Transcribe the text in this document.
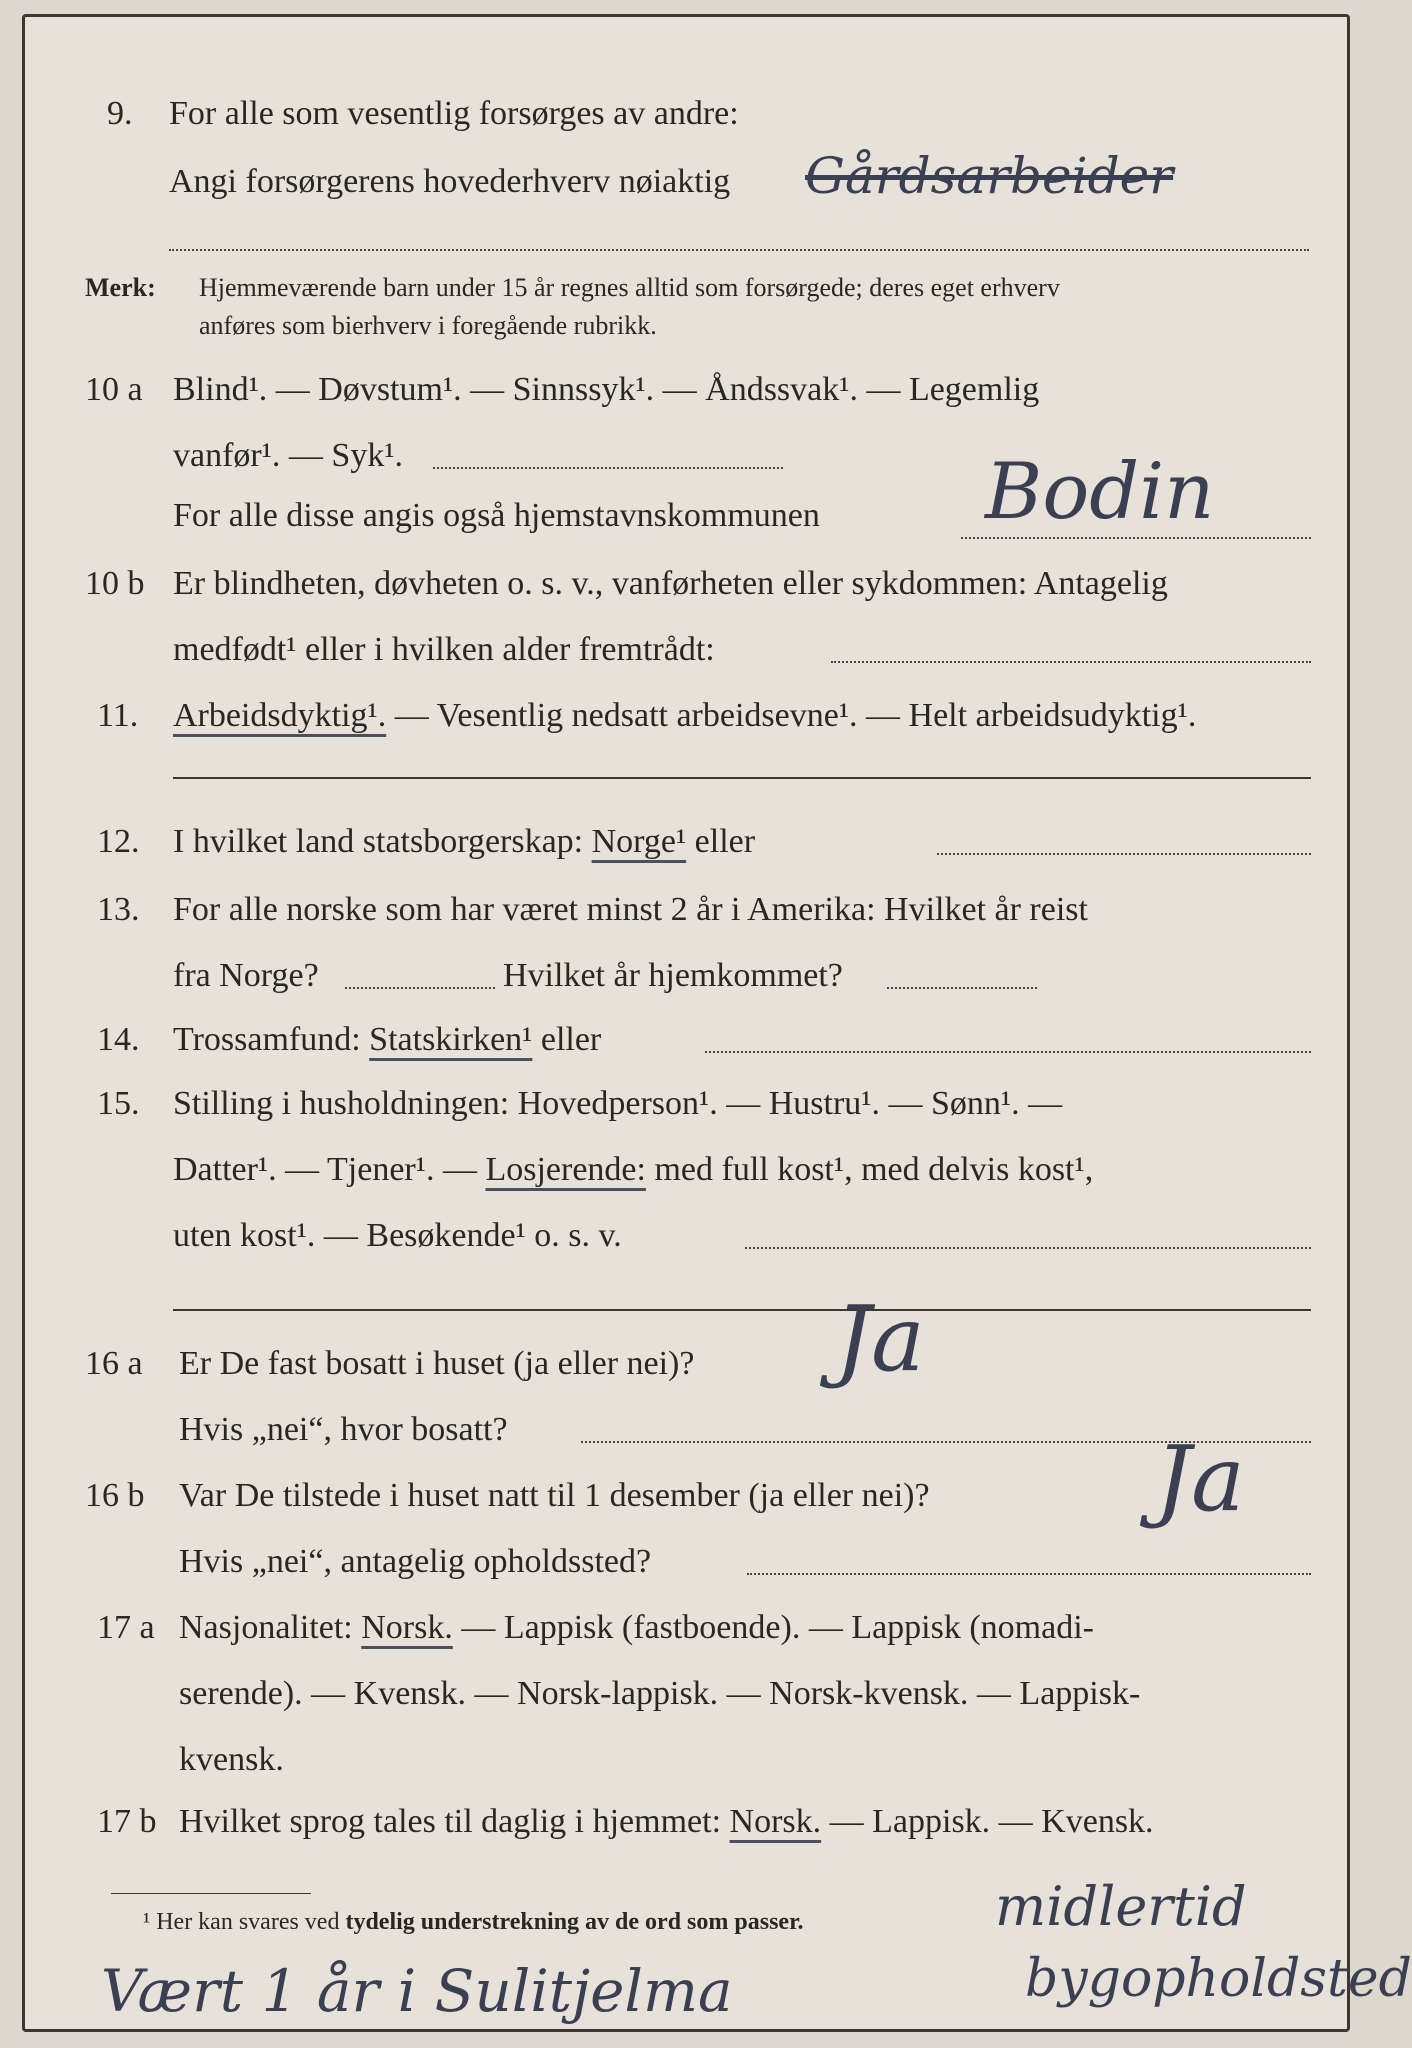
9. For alle som vesentlig forsørges av andre:
Angi forsørgerens hovederhverv nøiaktig Gårdsarbeider
Merk: Hjemmeværende barn under 15 år regnes alltid som forsørgede; deres eget erhverv
anføres som bierhverv i foregående rubrikk.
10 a Blind¹. — Døvstum¹. — Sinnssyk¹. — Åndssvak¹. — Legemlig
vanfør¹. — Syk¹.
For alle disse angis også hjemstavnskommunen Bodin
10 b Er blindheten, døvheten o. s. v., vanførheten eller sykdommen: Antagelig
medfødt¹ eller i hvilken alder fremtrådt:
11. Arbeidsdyktig¹. — Vesentlig nedsatt arbeidsevne¹. — Helt arbeidsudyktig¹.
12. I hvilket land statsborgerskap: Norge¹ eller
13. For alle norske som har været minst 2 år i Amerika: Hvilket år reist
fra Norge?	Hvilket år hjemkommet?
14. Trossamfund: Statskirken¹ eller
15. Stilling i husholdningen: Hovedperson¹. — Hustru¹. — Sønn¹. —
Datter¹. — Tjener¹. — Losjerende: med full kost¹, med delvis kost¹,
uten kost¹. — Besøkende¹ o. s. v.
16 a Er De fast bosatt i huset (ja eller nei)? Ja
Hvis „nei“, hvor bosatt?
16 b Var De tilstede i huset natt til 1 desember (ja eller nei)?	Ja
Hvis „nei“, antagelig opholdssted?
17 a Nasjonalitet: Norsk. — Lappisk (fastboende). — Lappisk (nomadi-
serende). — Kvensk. — Norsk-lappisk. — Norsk-kvensk. — Lappisk-
kvensk.
17 b Hvilket sprog tales til daglig i hjemmet: Norsk. — Lappisk. — Kvensk.
¹ Her kan svares ved tydelig understrekning av de ord som passer.	midlertid
bygopholdsted
Vært 1 år i Sulitjelma
